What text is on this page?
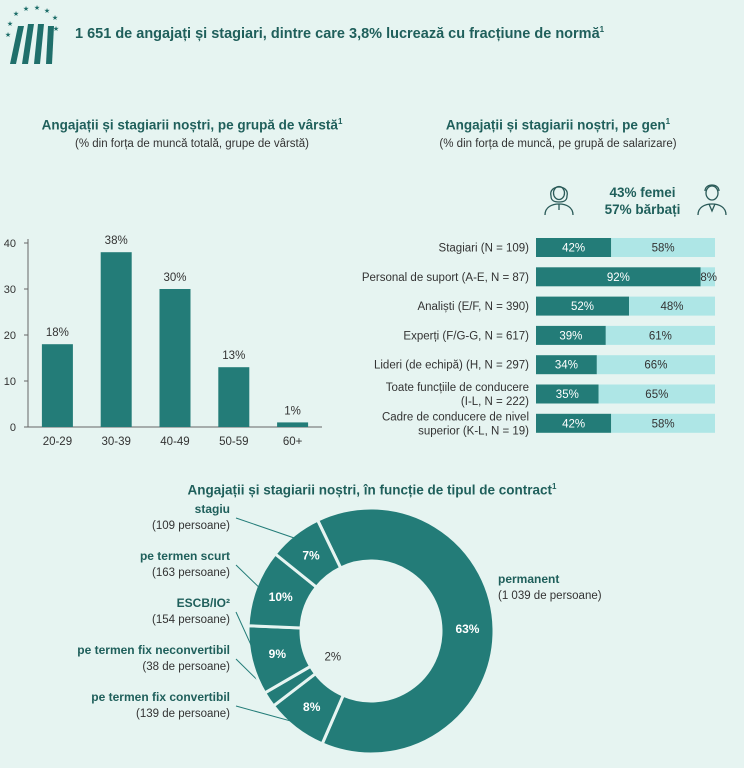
★
★
★ ★ ★
★
★
★ 1 651 de angajați și stagiari, dintre care 3,8% lucrează cu fracțiune de normă$^1$
Angajații și stagiarii noștri, pe grupă de vârstă$^1$
(% din forța de muncă totală, grupe de vârstă)
0
10
20
30
40
18%
20-29
38%
30-39
30%
40-49
13%
50-59
1%
60+
Angajații și stagiarii noștri, pe gen$^1$
(% din forța de muncă, pe grupă de salarizare)
43% femei
57% bărbați
Stagiari (N = 109)	42%	58%
Personal de suport (A-E, N = 87)	92%	8%
Analiști (E/F, N = 390)	52%	48%
Experți (F/G-G, N = 617)	39%	61%
Lideri (de echipă) (H, N = 297) 34%	66%
Toate funcțiile de conducere
(I-L, N = 222)
35%	65%
Cadre de conducere de nivel
superior (K-L, N = 19)
42%	58%
Angajații și stagiarii noștri, în funcție de tipul de contract$^1$
63%
permanent
(1 039 de persoane)
8%
pe termen fix convertibil
(139 de persoane)
2%
pe termen fix neconvertibil
(38 de persoane)
9%
ESCB/IO²
(154 persoane)
10%
pe termen scurt
(163 persoane)
7%
stagiu
(109 persoane)
